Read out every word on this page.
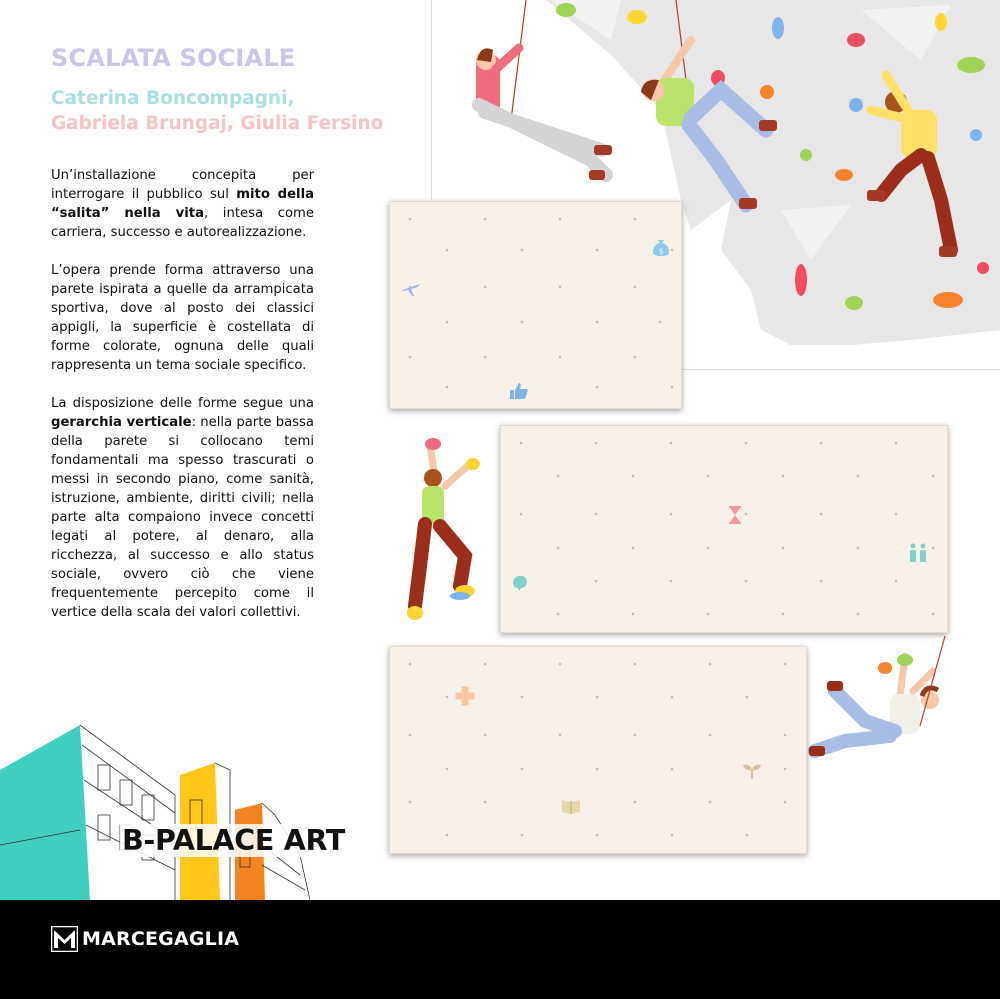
SCALATA SOCIALE
Caterina Boncompagni,
Gabriela Brungaj, Giulia Fersino

Un’installazione concepita per interrogare il pubblico sul mito della “salita” nella vita, intesa come carriera, successo e autorealizzazione.

L’opera prende forma attraverso una parete ispirata a quelle da arrampicata sportiva, dove al posto dei classici appigli, la superficie è costellata di forme colorate, ognuna delle quali rappresenta un tema sociale specifico.

La disposizione delle forme segue una gerarchia verticale: nella parte bassa della parete si collocano temi fondamentali ma spesso trascurati o messi in secondo piano, come sanità, istruzione, ambiente, diritti civili; nella parte alta compaiono invece concetti legati al potere, al denaro, alla ricchezza, al successo e allo status sociale, ovvero ciò che viene frequentemente percepito come il vertice della scala dei valori collettivi.

$
B-PALACE ART
MARCEGAGLIA
